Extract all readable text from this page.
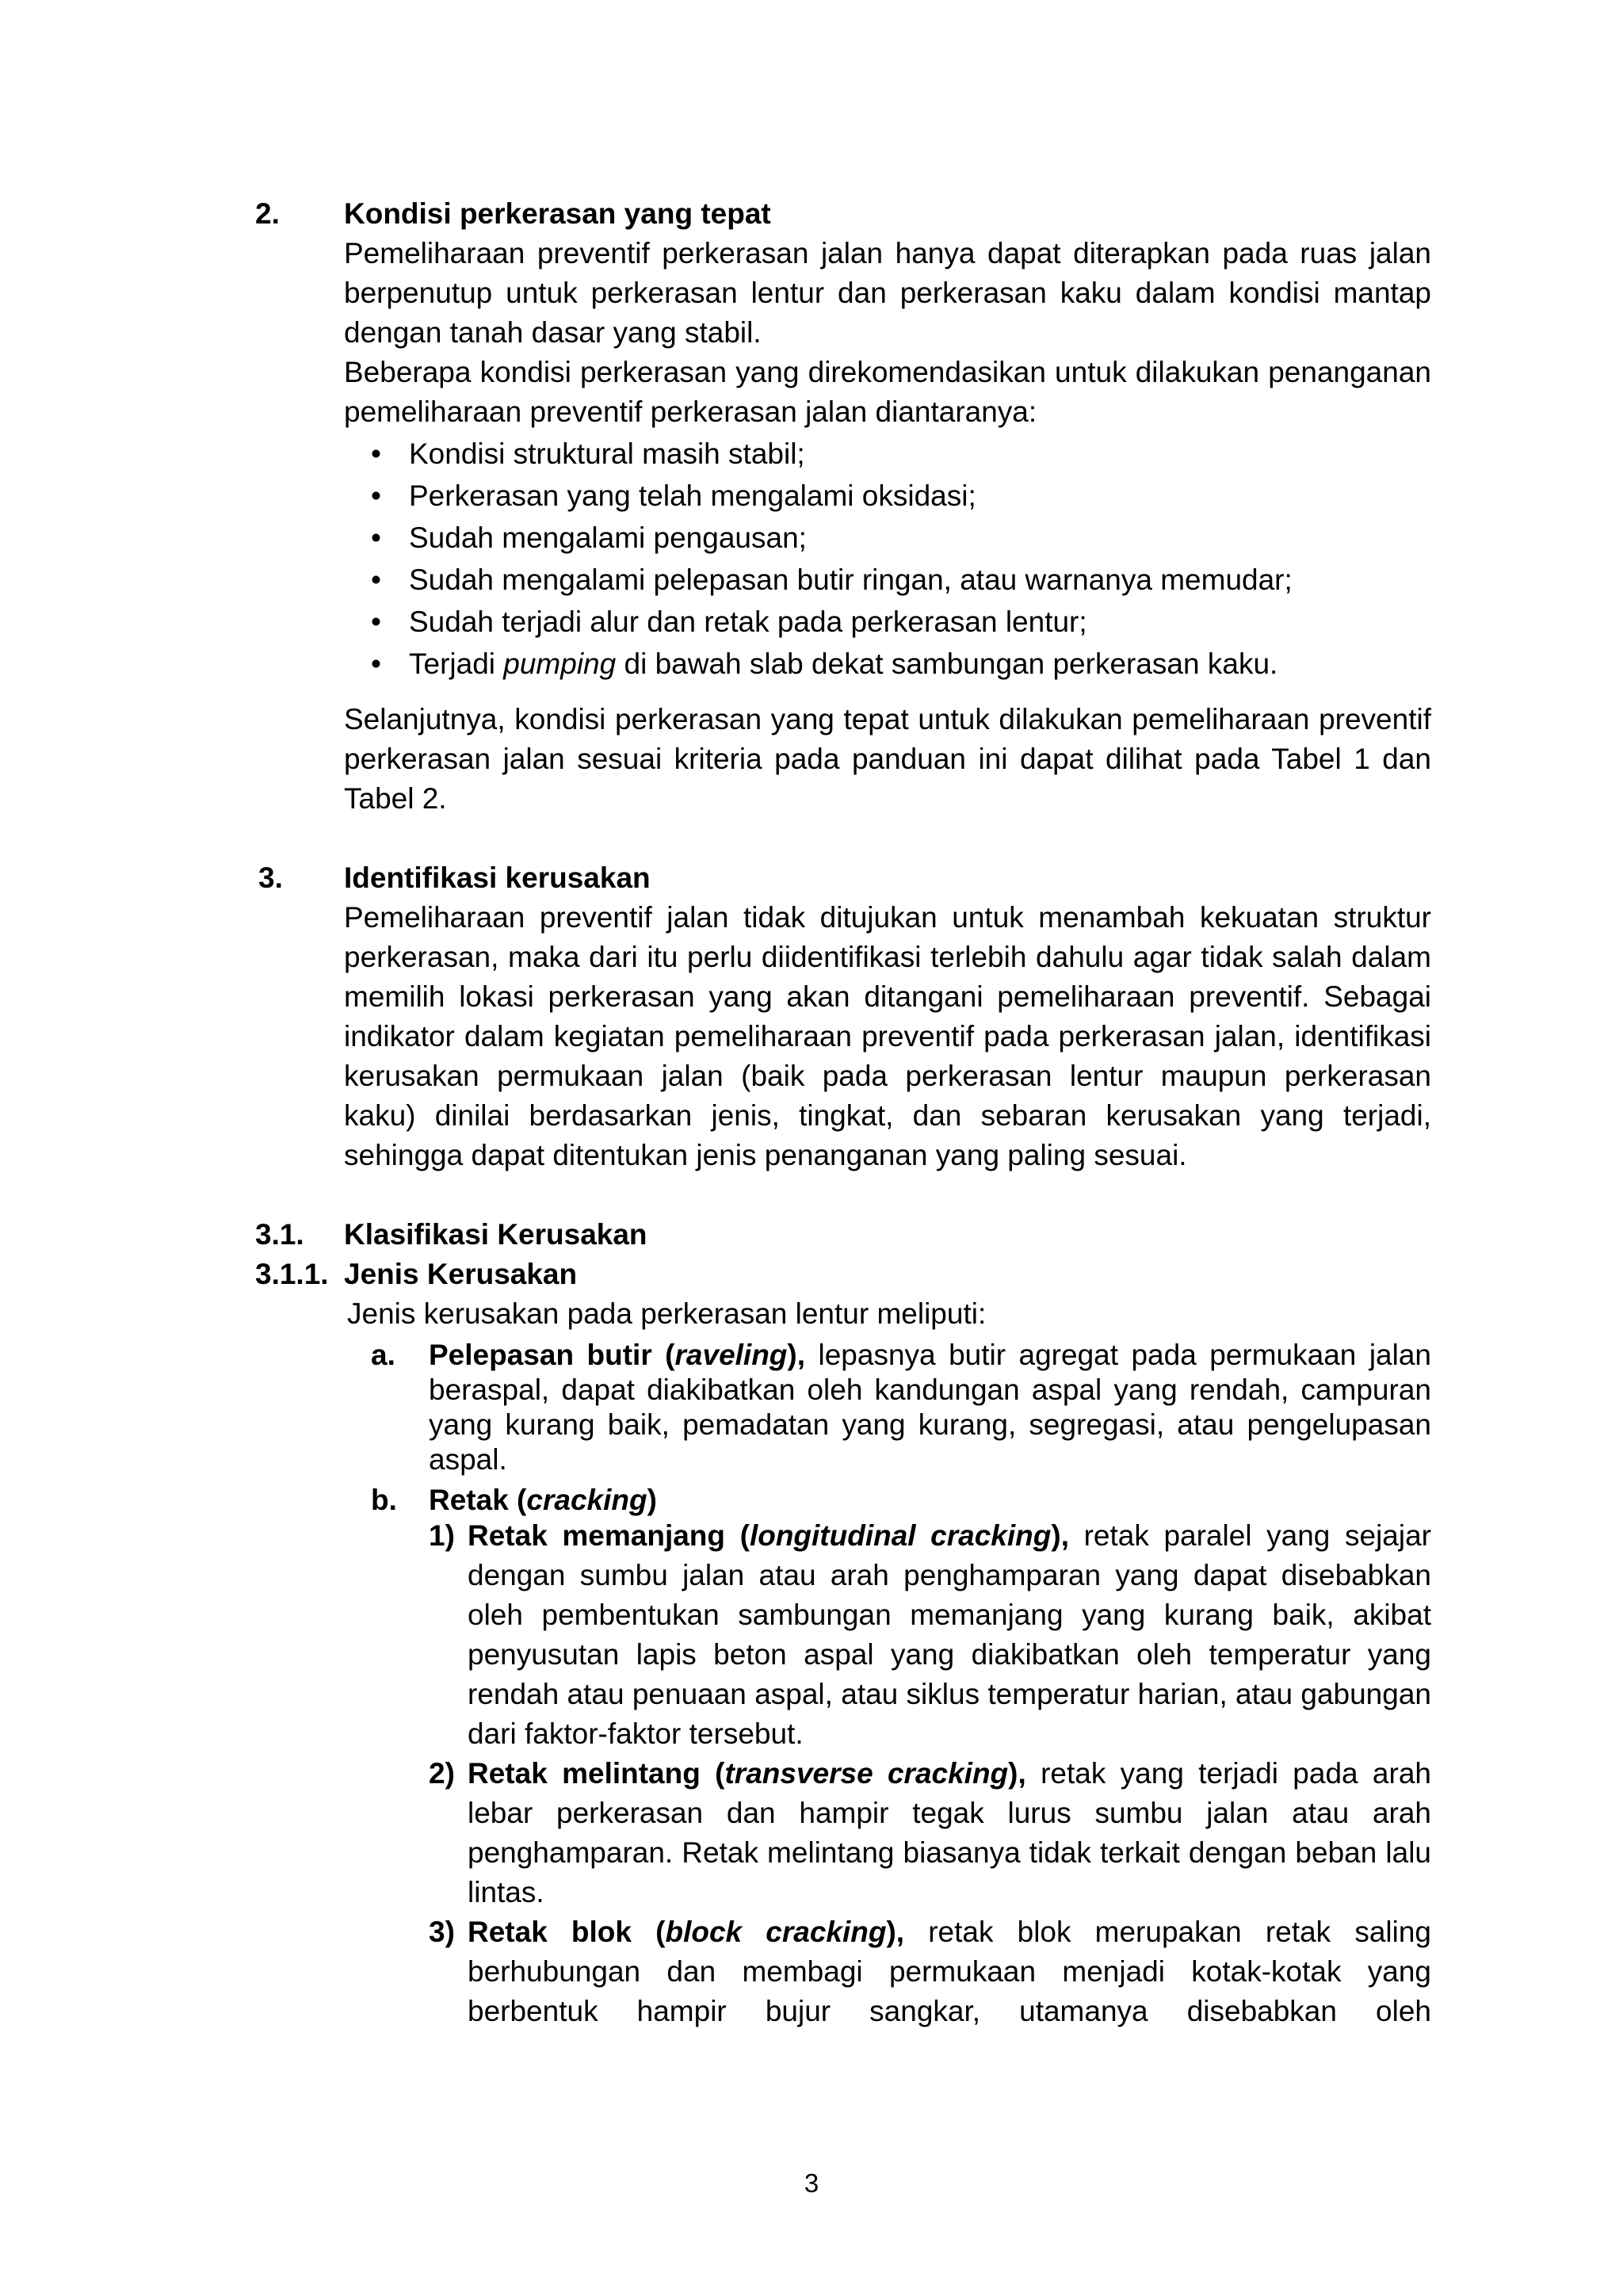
2. Kondisi perkerasan yang tepat

Pemeliharaan preventif perkerasan jalan hanya dapat diterapkan pada ruas jalan berpenutup untuk perkerasan lentur dan perkerasan kaku dalam kondisi mantap dengan tanah dasar yang stabil.

Beberapa kondisi perkerasan yang direkomendasikan untuk dilakukan penanganan pemeliharaan preventif perkerasan jalan diantaranya:

• Kondisi struktural masih stabil;
• Perkerasan yang telah mengalami oksidasi;
• Sudah mengalami pengausan;
• Sudah mengalami pelepasan butir ringan, atau warnanya memudar;
• Sudah terjadi alur dan retak pada perkerasan lentur;
• Terjadi pumping di bawah slab dekat sambungan perkerasan kaku.

Selanjutnya, kondisi perkerasan yang tepat untuk dilakukan pemeliharaan preventif perkerasan jalan sesuai kriteria pada panduan ini dapat dilihat pada Tabel 1 dan Tabel 2.

3. Identifikasi kerusakan

Pemeliharaan preventif jalan tidak ditujukan untuk menambah kekuatan struktur perkerasan, maka dari itu perlu diidentifikasi terlebih dahulu agar tidak salah dalam memilih lokasi perkerasan yang akan ditangani pemeliharaan preventif. Sebagai indikator dalam kegiatan pemeliharaan preventif pada perkerasan jalan, identifikasi kerusakan permukaan jalan (baik pada perkerasan lentur maupun perkerasan kaku) dinilai berdasarkan jenis, tingkat, dan sebaran kerusakan yang terjadi, sehingga dapat ditentukan jenis penanganan yang paling sesuai.

3.1. Klasifikasi Kerusakan
3.1.1. Jenis Kerusakan
Jenis kerusakan pada perkerasan lentur meliputi:
a. Pelepasan butir (raveling), lepasnya butir agregat pada permukaan jalan beraspal, dapat diakibatkan oleh kandungan aspal yang rendah, campuran yang kurang baik, pemadatan yang kurang, segregasi, atau pengelupasan aspal.

b. Retak (cracking)

1) Retak memanjang (longitudinal cracking), retak paralel yang sejajar dengan sumbu jalan atau arah penghamparan yang dapat disebabkan oleh pembentukan sambungan memanjang yang kurang baik, akibat penyusutan lapis beton aspal yang diakibatkan oleh temperatur yang rendah atau penuaan aspal, atau siklus temperatur harian, atau gabungan dari faktor-faktor tersebut.

2) Retak melintang (transverse cracking), retak yang terjadi pada arah lebar perkerasan dan hampir tegak lurus sumbu jalan atau arah penghamparan. Retak melintang biasanya tidak terkait dengan beban lalu lintas.

3) Retak blok (block cracking), retak blok merupakan retak saling berhubungan dan membagi permukaan menjadi kotak-kotak yang berbentuk hampir bujur sangkar, utamanya disebabkan oleh

3
